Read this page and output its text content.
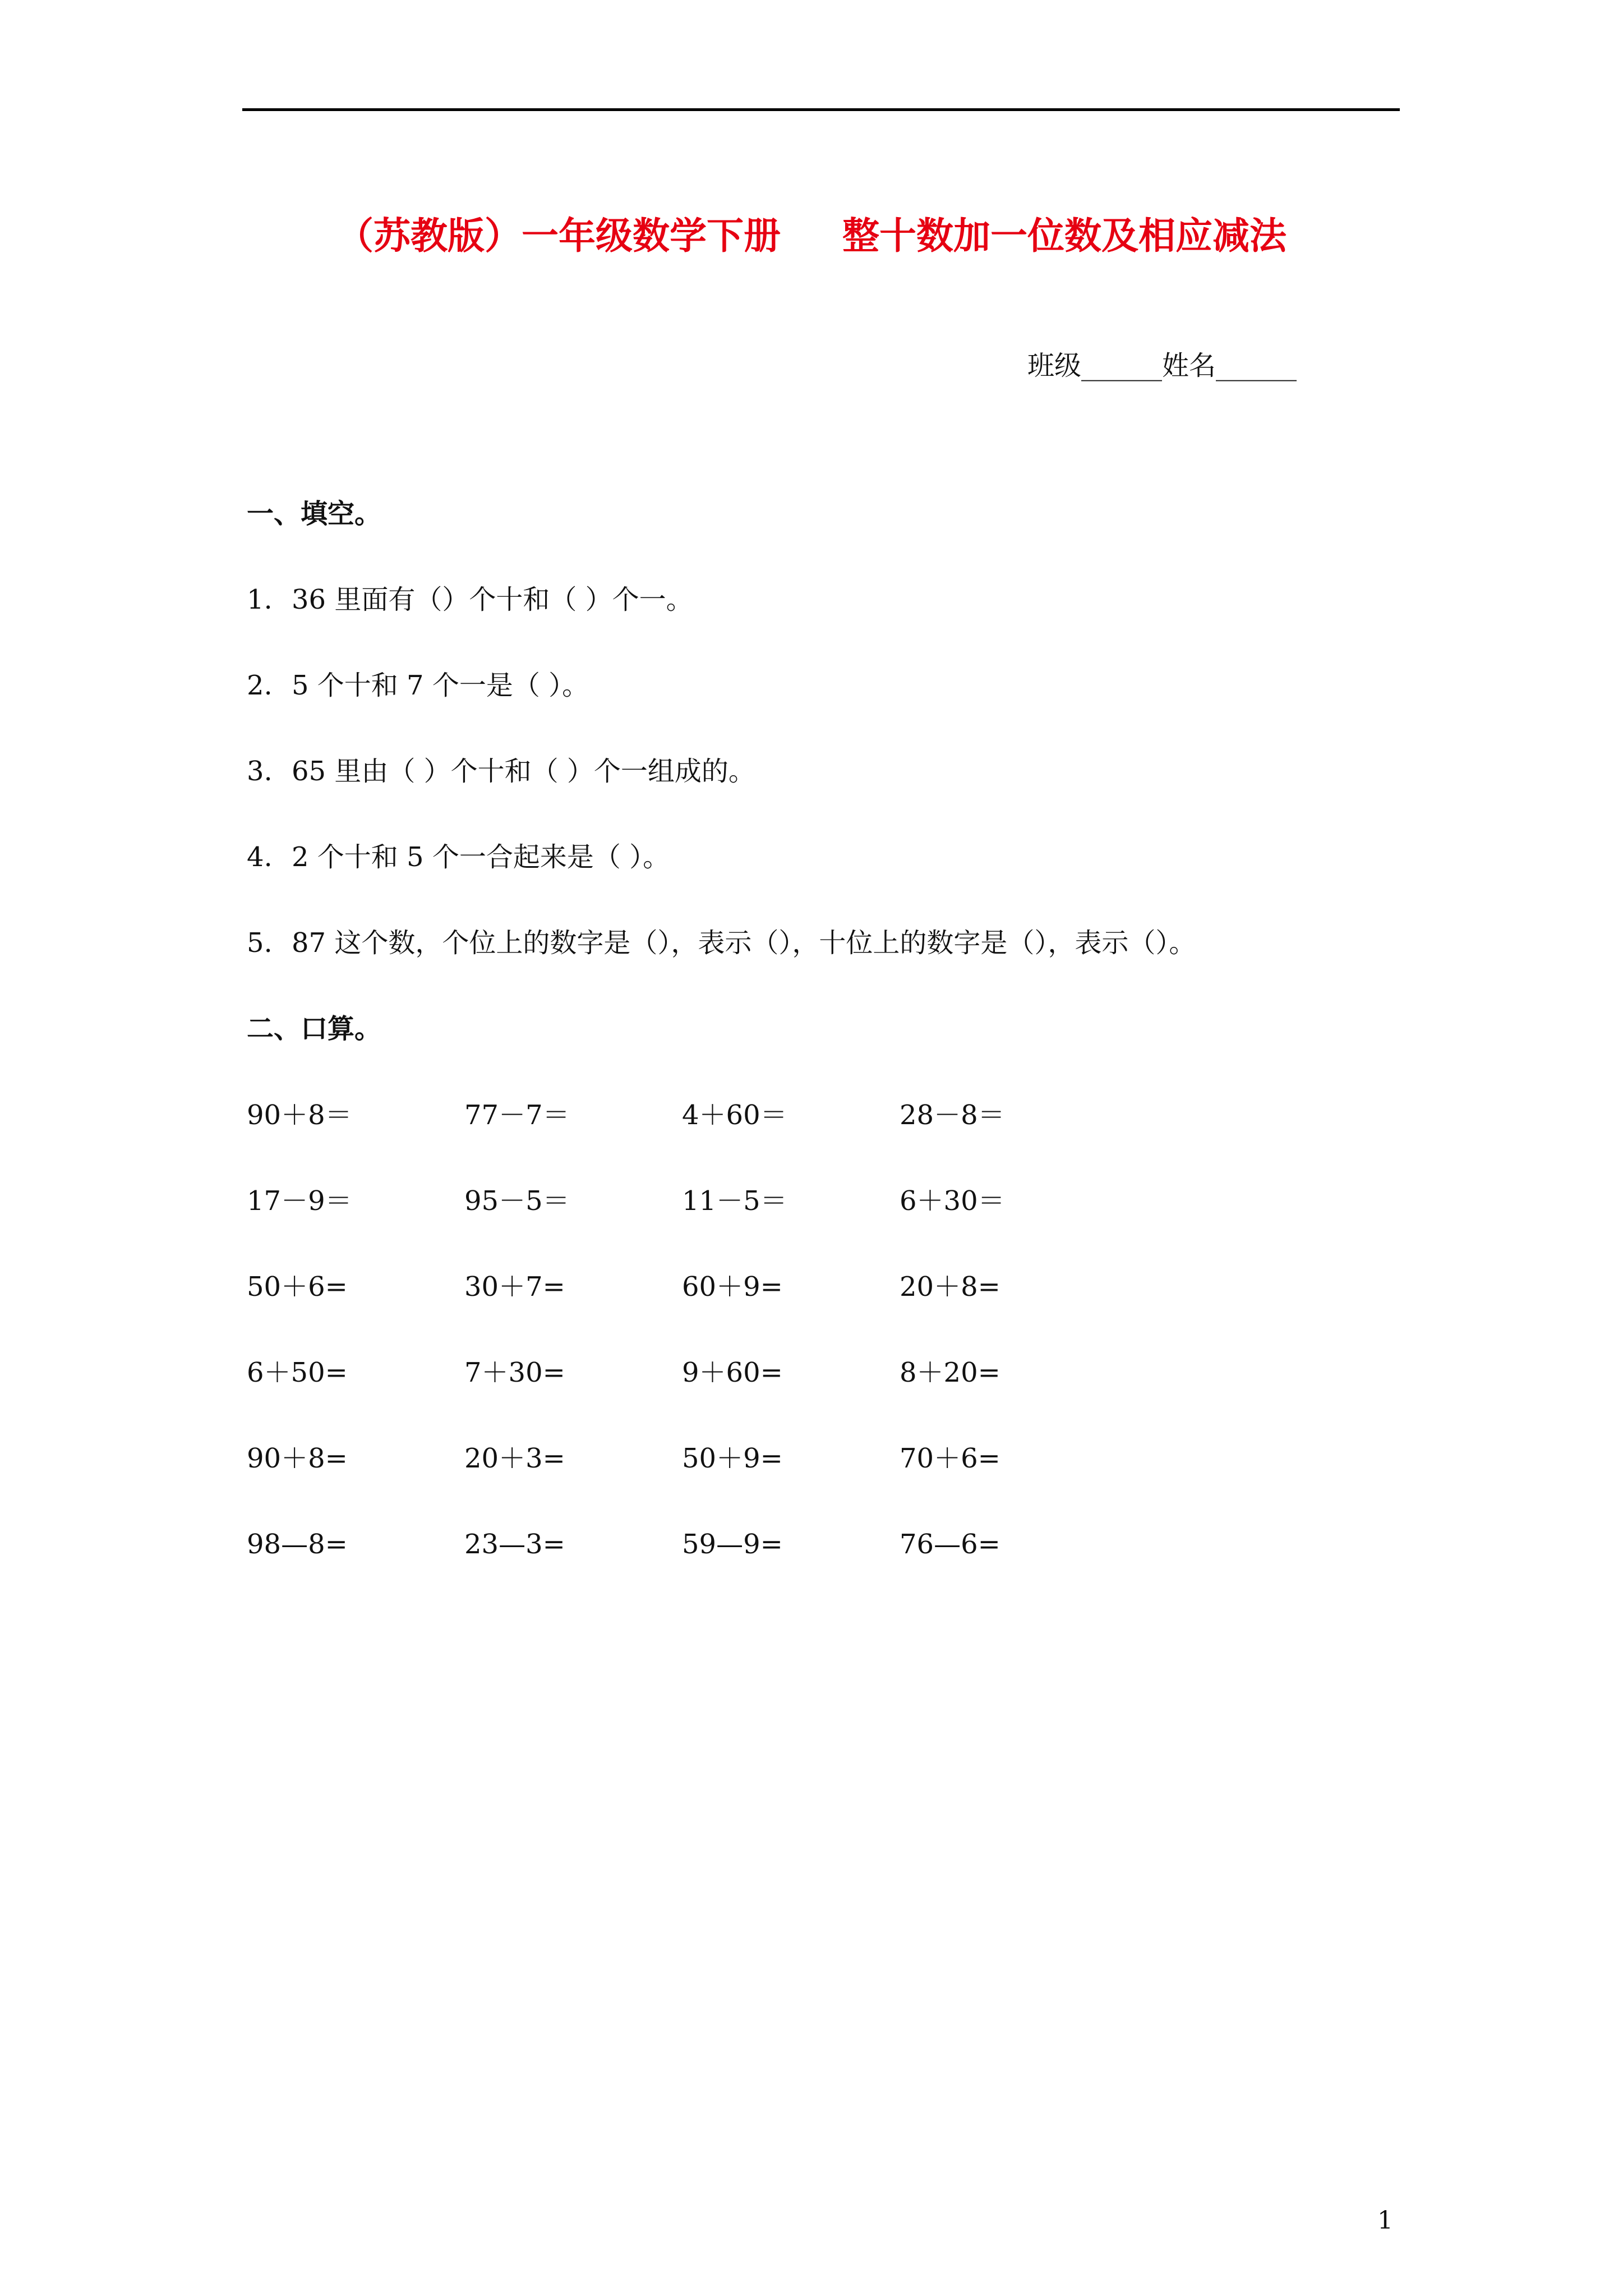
（苏教版）一年级数学下册 整十数加一位数及相应减法
班级______姓名______
一、填空。
1. 36 里面有（）个十和（ ）个一。
2. 5 个十和 7 个一是（ ）。
3. 65 里由（ ）个十和（ ）个一组成的。
4. 2 个十和 5 个一合起来是（ ）。
5. 87 这个数，个位上的数字是（），表示（），十位上的数字是（），表示（）。
二、口算。
90＋8＝	77－7＝	4＋60＝	28－8＝
17－9＝	95－5＝	11－5＝	6＋30＝
50＋6=	30＋7=	60＋9=	20＋8=
6＋50=	7＋30=	9＋60=	8＋20=
90＋8=	20＋3=	50＋9=	70＋6=
98—8=	23—3=	59—9=	76—6=
1
